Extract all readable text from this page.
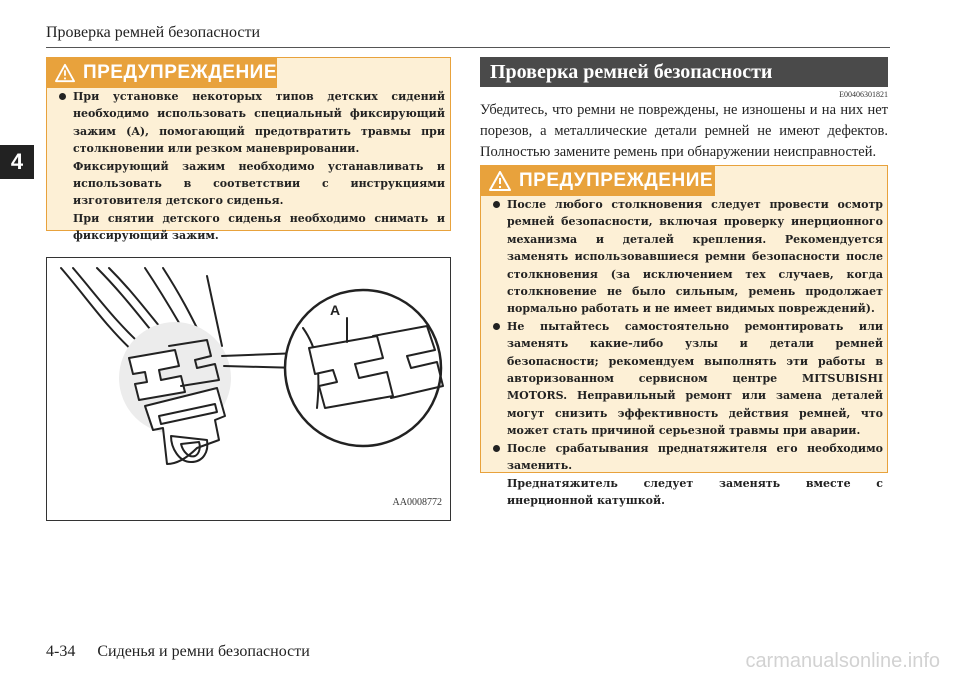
Проверка ремней безопасности
4
ПРЕДУПРЕЖДЕНИЕ
При установке некоторых типов детских сидений необходимо использовать специальный фиксирующий зажим (A), помогающий предотвратить травмы при столкновении или резком маневрировании.
Фиксирующий зажим необходимо устанавливать и использовать в соответствии с инструкциями изготовителя детского сиденья.
При снятии детского сиденья необходимо снимать и фиксирующий зажим.
A
AA0008772
Проверка ремней безопасности
E00406301821
Убедитесь, что ремни не повреждены, не изношены и на них нет порезов, а металлические детали ремней не имеют дефектов. Полностью замените ремень при обнаружении неисправностей.
ПРЕДУПРЕЖДЕНИЕ
После любого столкновения следует провести осмотр ремней безопасности, включая проверку инерционного механизма и деталей крепления. Рекомендуется заменять использовавшиеся ремни безопасности после столкновения (за исключением тех случаев, когда столкновение не было сильным, ремень продолжает нормально работать и не имеет видимых повреждений).
Не пытайтесь самостоятельно ремонтировать или заменять какие-либо узлы и детали ремней безопасности; рекомендуем выполнять эти работы в авторизованном сервисном центре MITSUBISHI MOTORS. Неправильный ремонт или замена деталей могут снизить эффективность действия ремней, что может стать причиной серьезной травмы при аварии.
После срабатывания преднатяжителя его необходимо заменить.
Преднатяжитель следует заменять вместе с инерционной катушкой.
4-34 Сиденья и ремни безопасности	carmanualsonline.info
